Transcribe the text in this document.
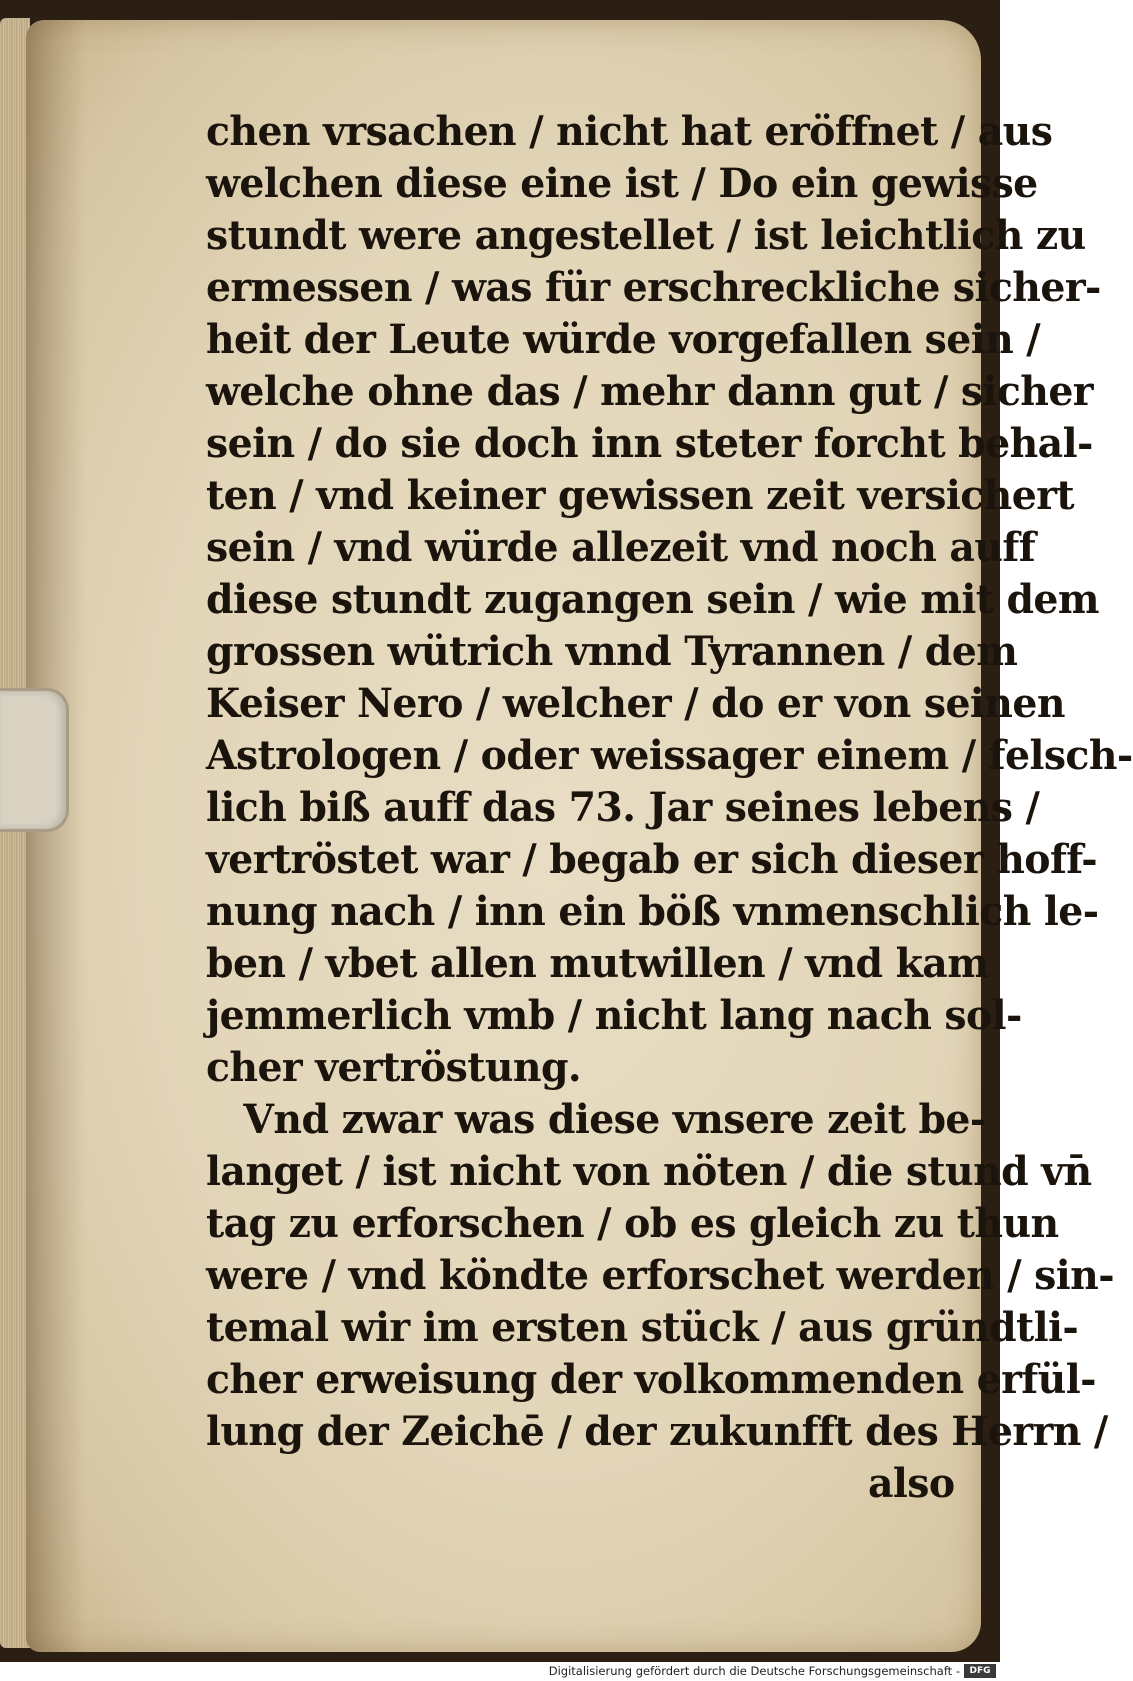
chen vrsachen / nicht hat eröffnet / aus
welchen diese eine ist / Do ein gewisse
stundt were angestellet / ist leichtlich zu
ermessen / was für erschreckliche sicher-
heit der Leute würde vorgefallen sein /
welche ohne das / mehr dann gut / sicher
sein / do sie doch inn steter forcht behal-
ten / vnd keiner gewissen zeit versichert
sein / vnd würde allezeit vnd noch auff
diese stundt zugangen sein / wie mit dem
grossen wütrich vnnd Tyrannen / dem
Keiser Nero / welcher / do er von seinen
Astrologen / oder weissager einem / felsch-
lich biß auff das 73. Jar seines lebens /
vertröstet war / begab er sich dieser hoff-
nung nach / inn ein böß vnmenschlich le-
ben / vbet allen mutwillen / vnd kam
jemmerlich vmb / nicht lang nach sol-
cher vertröstung.
Vnd zwar was diese vnsere zeit be-
langet / ist nicht von nöten / die stund vn̄
tag zu erforschen / ob es gleich zu thun
were / vnd köndte erforschet werden / sin-
temal wir im ersten stück / aus gründtli-
cher erweisung der volkommenden erfül-
lung der Zeichē / der zukunfft des Herrn /
also
Digitalisierung gefördert durch die Deutsche Forschungsgemeinschaft -	DFG
